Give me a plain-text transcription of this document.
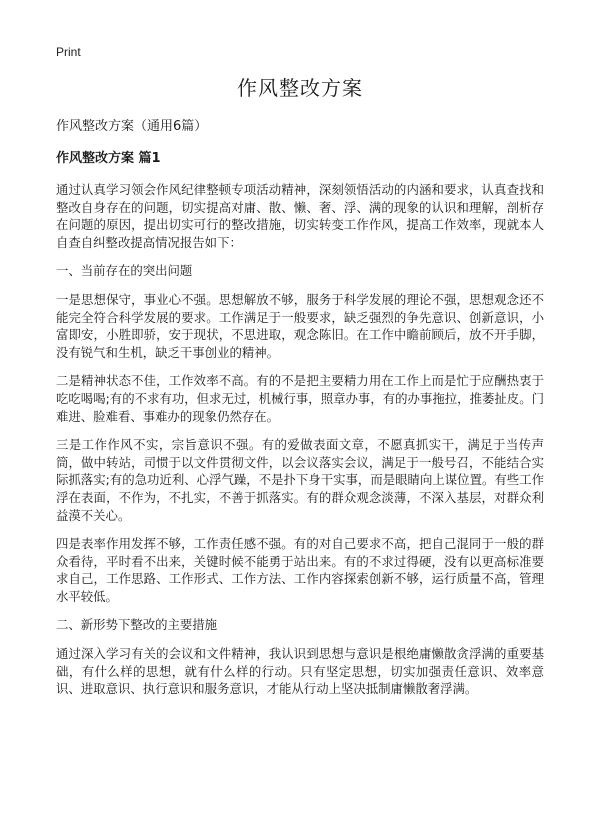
Print
作风整改方案
作风整改方案（通用6篇）
作风整改方案 篇1

通过认真学习领会作风纪律整顿专项活动精神，深刻领悟活动的内涵和要求，认真查找和整改自身存在的问题，切实提高对庸、散、懒、奢、浮、满的现象的认识和理解，剖析存在问题的原因，提出切实可行的整改措施，切实转变工作作风，提高工作效率，现就本人自查自纠整改提高情况报告如下：

一、当前存在的突出问题

一是思想保守，事业心不强。思想解放不够，服务于科学发展的理论不强，思想观念还不能完全符合科学发展的要求。工作满足于一般要求，缺乏强烈的争先意识、创新意识，小富即安，小胜即骄，安于现状，不思进取，观念陈旧。在工作中瞻前顾后，放不开手脚，没有锐气和生机，缺乏干事创业的精神。

二是精神状态不佳，工作效率不高。有的不是把主要精力用在工作上而是忙于应酬热衷于吃吃喝喝;有的不求有功，但求无过，机械行事，照章办事，有的办事拖拉，推萎扯皮。门难进、脸难看、事难办的现象仍然存在。

三是工作作风不实，宗旨意识不强。有的爱做表面文章，不愿真抓实干，满足于当传声筒，做中转站，司惯于以文件贯彻文件，以会议落实会议，满足于一般号召，不能结合实际抓落实;有的急功近利、心浮气躁，不是扑下身干实事，而是眼睛向上谋位置。有些工作浮在表面，不作为，不扎实，不善于抓落实。有的群众观念淡薄，不深入基层，对群众利益漠不关心。

四是表率作用发挥不够，工作责任感不强。有的对自己要求不高，把自己混同于一般的群众看待，平时看不出来，关键时候不能勇于站出来。有的不求过得硬，没有以更高标准要求自己，工作思路、工作形式、工作方法、工作内容探索创新不够，运行质量不高，管理水平较低。

二、新形势下整改的主要措施

通过深入学习有关的会议和文件精神，我认识到思想与意识是根绝庸懒散贪浮满的重要基础，有什么样的思想，就有什么样的行动。只有坚定思想，切实加强责任意识、效率意识、进取意识、执行意识和服务意识，才能从行动上坚决抵制庸懒散奢浮满。
